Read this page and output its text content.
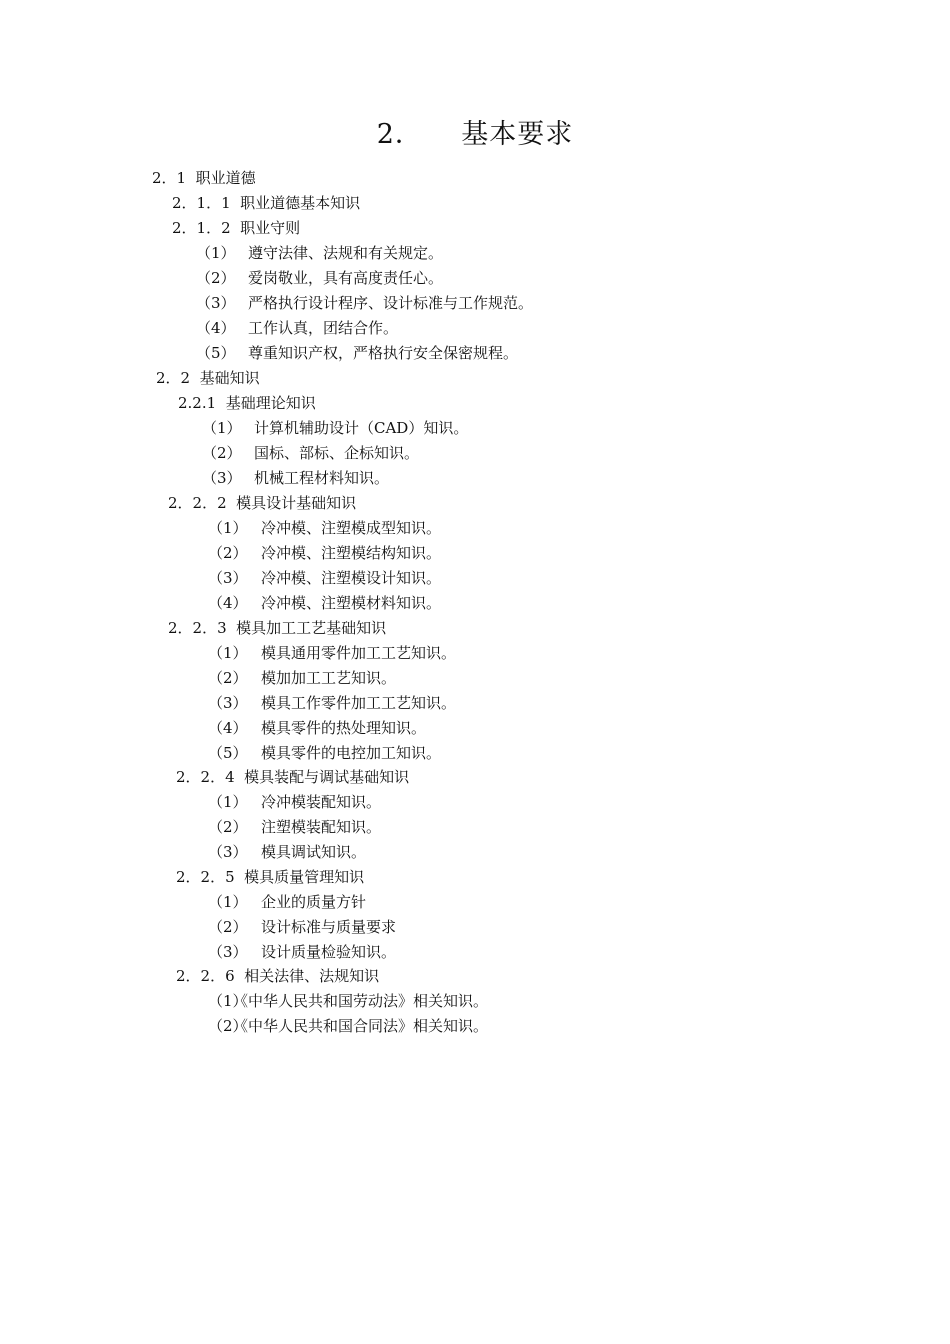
2．    基本要求
2．1  职业道德
2．1．1  职业道德基本知识
2．1．2  职业守则
（1） 遵守法律、法规和有关规定。
（2） 爱岗敬业，具有高度责任心。
（3） 严格执行设计程序、设计标准与工作规范。
（4） 工作认真，团结合作。
（5） 尊重知识产权，严格执行安全保密规程。
2．2  基础知识
2.2.1  基础理论知识
（1） 计算机辅助设计（CAD）知识。
（2） 国标、部标、企标知识。
（3） 机械工程材料知识。
2．2．2  模具设计基础知识
（1） 冷冲模、注塑模成型知识。
（2） 冷冲模、注塑模结构知识。
（3） 冷冲模、注塑模设计知识。
（4） 冷冲模、注塑模材料知识。
2．2．3  模具加工工艺基础知识
（1） 模具通用零件加工工艺知识。
（2） 模加加工工艺知识。
（3） 模具工作零件加工工艺知识。
（4） 模具零件的热处理知识。
（5） 模具零件的电控加工知识。
2．2．4  模具装配与调试基础知识
（1） 冷冲模装配知识。
（2） 注塑模装配知识。
（3） 模具调试知识。
2．2．5  模具质量管理知识
（1） 企业的质量方针
（2） 设计标准与质量要求
（3） 设计质量检验知识。
2．2．6  相关法律、法规知识
（1）《中华人民共和国劳动法》相关知识。
（2）《中华人民共和国合同法》相关知识。
